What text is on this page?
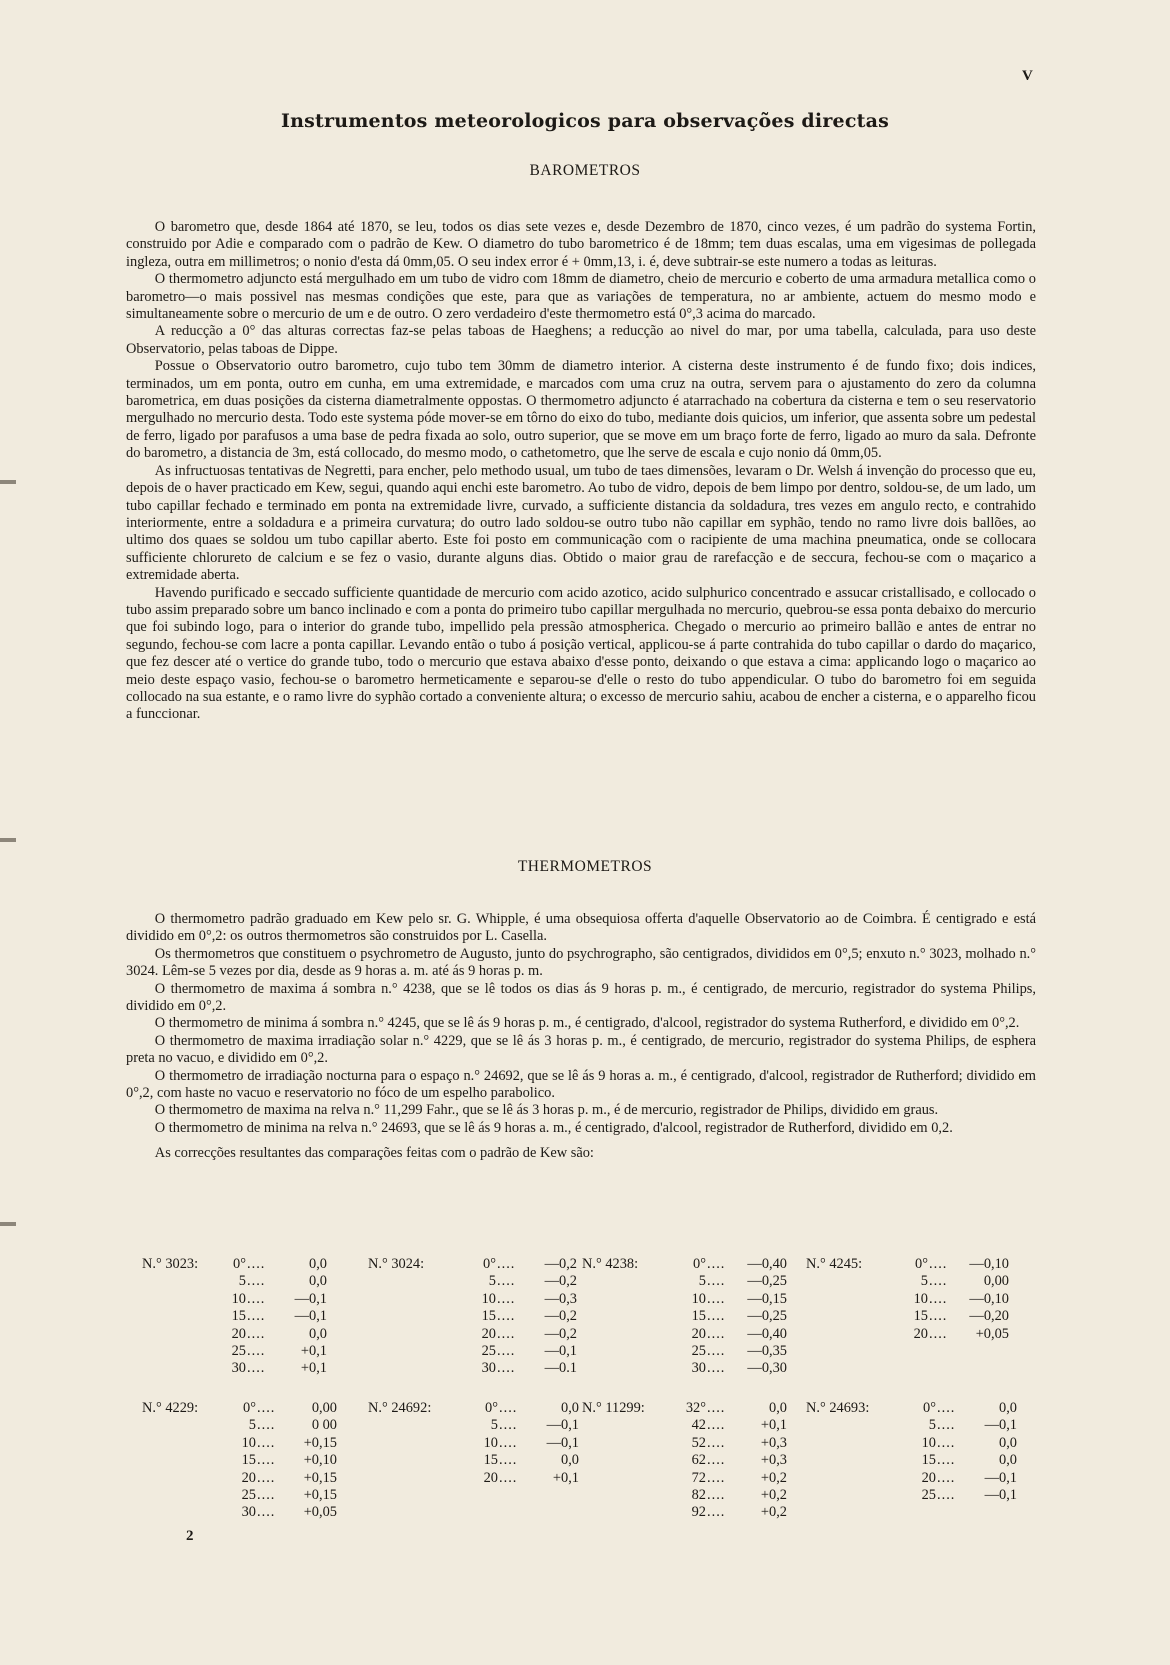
V
Instrumentos meteorologicos para observações directas
BAROMETROS

O barometro que, desde 1864 até 1870, se leu, todos os dias sete vezes e, desde Dezembro de 1870, cinco vezes, é um padrão do systema Fortin, construido por Adie e comparado com o padrão de Kew. O diametro do tubo barometrico é de 18mm; tem duas escalas, uma em vigesimas de pollegada ingleza, outra em millimetros; o nonio d'esta dá 0mm,05. O seu index error é + 0mm,13, i. é, deve subtrair-se este numero a todas as leituras.

O thermometro adjuncto está mergulhado em um tubo de vidro com 18mm de diametro, cheio de mercurio e coberto de uma armadura metallica como o barometro—o mais possivel nas mesmas condições que este, para que as variações de temperatura, no ar ambiente, actuem do mesmo modo e simultaneamente sobre o mercurio de um e de outro. O zero verdadeiro d'este thermometro está 0°,3 acima do marcado.

A reducção a 0° das alturas correctas faz-se pelas taboas de Haeghens; a reducção ao nivel do mar, por uma tabella, calculada, para uso deste Observatorio, pelas taboas de Dippe.

Possue o Observatorio outro barometro, cujo tubo tem 30mm de diametro interior. A cisterna deste instrumento é de fundo fixo; dois indices, terminados, um em ponta, outro em cunha, em uma extremidade, e marcados com uma cruz na outra, servem para o ajustamento do zero da columna barometrica, em duas posições da cisterna diametralmente oppostas. O thermometro adjuncto é atarrachado na cobertura da cisterna e tem o seu reservatorio mergulhado no mercurio desta. Todo este systema póde mover-se em tôrno do eixo do tubo, mediante dois quicios, um inferior, que assenta sobre um pedestal de ferro, ligado por parafusos a uma base de pedra fixada ao solo, outro superior, que se move em um braço forte de ferro, ligado ao muro da sala. Defronte do barometro, a distancia de 3m, está collocado, do mesmo modo, o cathetometro, que lhe serve de escala e cujo nonio dá 0mm,05.

As infructuosas tentativas de Negretti, para encher, pelo methodo usual, um tubo de taes dimensões, levaram o Dr. Welsh á invenção do processo que eu, depois de o haver practicado em Kew, segui, quando aqui enchi este barometro. Ao tubo de vidro, depois de bem limpo por dentro, soldou-se, de um lado, um tubo capillar fechado e terminado em ponta na extremidade livre, curvado, a sufficiente distancia da soldadura, tres vezes em angulo recto, e contrahido interiormente, entre a soldadura e a primeira curvatura; do outro lado soldou-se outro tubo não capillar em syphão, tendo no ramo livre dois ballões, ao ultimo dos quaes se soldou um tubo capillar aberto. Este foi posto em communicação com o racipiente de uma machina pneumatica, onde se collocara sufficiente chlorureto de calcium e se fez o vasio, durante alguns dias. Obtido o maior grau de rarefacção e de seccura, fechou-se com o maçarico a extremidade aberta.

Havendo purificado e seccado sufficiente quantidade de mercurio com acido azotico, acido sulphurico concentrado e assucar cristallisado, e collocado o tubo assim preparado sobre um banco inclinado e com a ponta do primeiro tubo capillar mergulhada no mercurio, quebrou-se essa ponta debaixo do mercurio que foi subindo logo, para o interior do grande tubo, impellido pela pressão atmospherica. Chegado o mercurio ao primeiro ballão e antes de entrar no segundo, fechou-se com lacre a ponta capillar. Levando então o tubo á posição vertical, applicou-se á parte contrahida do tubo capillar o dardo do maçarico, que fez descer até o vertice do grande tubo, todo o mercurio que estava abaixo d'esse ponto, deixando o que estava a cima: applicando logo o maçarico ao meio deste espaço vasio, fechou-se o barometro hermeticamente e separou-se d'elle o resto do tubo appendicular. O tubo do barometro foi em seguida collocado na sua estante, e o ramo livre do syphão cortado a conveniente altura; o excesso de mercurio sahiu, acabou de encher a cisterna, e o apparelho ficou a funccionar.

THERMOMETROS

O thermometro padrão graduado em Kew pelo sr. G. Whipple, é uma obsequiosa offerta d'aquelle Observatorio ao de Coimbra. É centigrado e está dividido em 0°,2: os outros thermometros são construidos por L. Casella.

Os thermometros que constituem o psychrometro de Augusto, junto do psychrographo, são centigrados, divididos em 0°,5; enxuto n.° 3023, molhado n.° 3024. Lêm-se 5 vezes por dia, desde as 9 horas a. m. até ás 9 horas p. m.

O thermometro de maxima á sombra n.° 4238, que se lê todos os dias ás 9 horas p. m., é centigrado, de mercurio, registrador do systema Philips, dividido em 0°,2.

O thermometro de minima á sombra n.° 4245, que se lê ás 9 horas p. m., é centigrado, d'alcool, registrador do systema Rutherford, e dividido em 0°,2.

O thermometro de maxima irradiação solar n.° 4229, que se lê ás 3 horas p. m., é centigrado, de mercurio, registrador do systema Philips, de esphera preta no vacuo, e dividido em 0°,2.

O thermometro de irradiação nocturna para o espaço n.° 24692, que se lê ás 9 horas a. m., é centigrado, d'alcool, registrador de Rutherford; dividido em 0°,2, com haste no vacuo e reservatorio no fóco de um espelho parabolico.

O thermometro de maxima na relva n.° 11,299 Fahr., que se lê ás 3 horas p. m., é de mercurio, registrador de Philips, dividido em graus.

O thermometro de minima na relva n.° 24693, que se lê ás 9 horas a. m., é centigrado, d'alcool, registrador de Rutherford, dividido em 0,2.

As correcções resultantes das comparações feitas com o padrão de Kew são:

N.° 3023:	0° ....	0,0
5 ....	0,0
10 ....	—0,1
15 ....	—0,1
20 ....	0,0
25 ....	+0,1
30 ....	+0,1
N.° 3024:	0° ....	—0,2
5 ....	—0,2
10 ....	—0,3
15 ....	—0,2
20 ....	—0,2
25 ....	—0,1
30 ....	—0.1
N.° 4238:	0° ....	—0,40
5 ....	—0,25
10 ....	—0,15
15 ....	—0,25
20 ....	—0,40
25 ....	—0,35
30 ....	—0,30
N.° 4245:	0° ....	—0,10
5 ....	0,00
10 ....	—0,10
15 ....	—0,20
20 ....	+0,05
N.° 4229:	0° ....	0,00
5 ....	0 00
10 ....	+0,15
15 ....	+0,10
20 ....	+0,15
25 ....	+0,15
30 ....	+0,05
N.° 24692:	0° ....	0,0
5 ....	—0,1
10 ....	—0,1
15 ....	0,0
20 ....	+0,1
N.° 11299:	32° ....	0,0
42 ....	+0,1
52 ....	+0,3
62 ....	+0,3
72 ....	+0,2
82 ....	+0,2
92 ....	+0,2
N.° 24693:	0° ....	0,0
5 ....	—0,1
10 ....	0,0
15 ....	0,0
20 ....	—0,1
25 ....	—0,1
2
